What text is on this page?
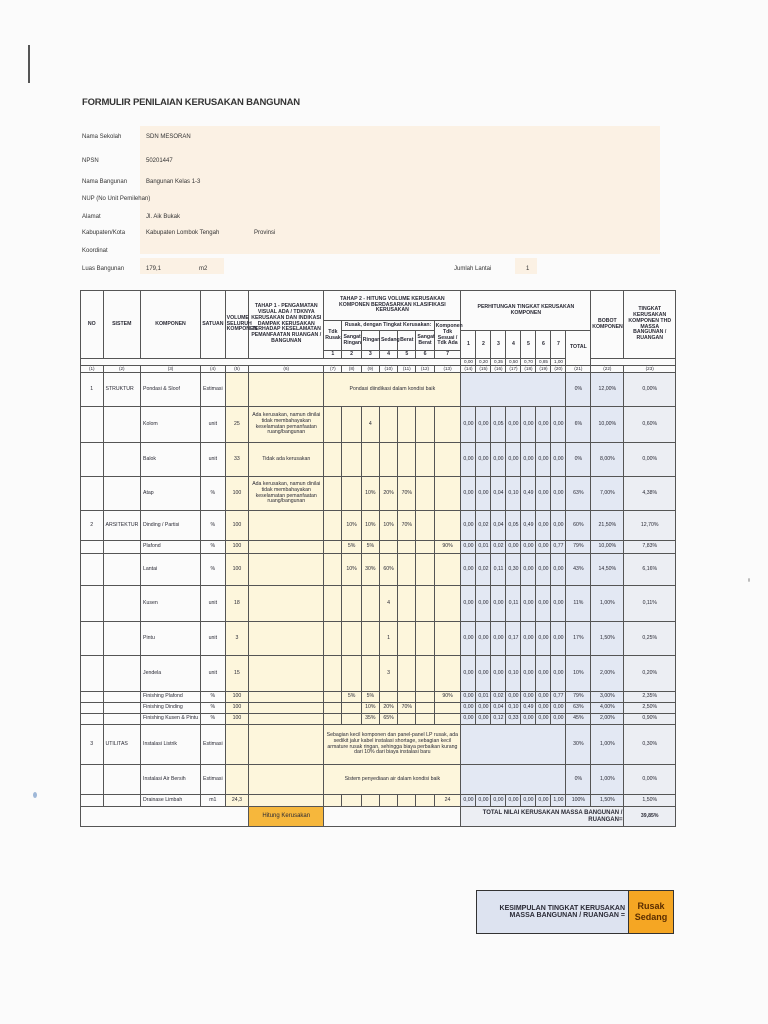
FORMULIR PENILAIAN KERUSAKAN BANGUNAN
Nama Sekolah	SDN MESORAN
NPSN	50201447
Nama Bangunan	Bangunan Kelas 1-3
NUP (No Unit Pemilehan)
Alamat	Jl. Aik Bukak
Kabupaten/Kota	Kabupaten Lombok Tengah	Provinsi
Koordinat
Luas Bangunan	179,1	m2	Jumlah Lantai	1
NO	SISTEM	KOMPONEN	SATUAN	VOLUME SELURUH KOMPONEN	TAHAP 1 - PENGAMATAN VISUAL ADA / TDKNYA KERUSAKAN DAN INDIKASI DAMPAK KERUSAKAN TERHADAP KESELAMATAN PEMANFAATAN RUANGAN / BANGUNAN	TAHAP 2 - HITUNG VOLUME KERUSAKAN KOMPONEN BERDASARKAN KLASIFIKASI KERUSAKAN							PERHITUNGAN TINGKAT KERUSAKAN KOMPONEN								BOBOT KOMPONEN	TINGKAT KERUSAKAN KOMPONEN THD MASSA BANGUNAN / RUANGAN
						Tdk Rusak	Rusak, dengan Tingkat Kerusakan:					Komponen Tdk Sesuai / Tdk Ada										
							Sangat Ringan	Ringan	Sedang	Berat	Sangat Berat		1	2	3	4	5	6	7	TOTAL		
						1	2	3	4	5	6	7										
													0,00	0,20	0,35	0,50	0,70	0,85	1,00			
(1)	(2)	(3)	(4)	(5)	(6)	(7)	(8)	(9)	(10)	(11)	(12)	(13)	(14)	(15)	(16)	(17)	(18)	(19)	(20)	(21)	(22)	(23)
1	STRUKTUR	Pondasi & Sloof	Estimasi			Pondasi diindikasi dalam kondisi baik														0%	12,00%	0,00%
		Kolom	unit	25	Ada kerusakan, namun dinilai tidak membahayakan keselamatan pemanfaatan ruang/bangunan			4					0,00	0,00	0,05	0,00	0,00	0,00	0,00	6%	10,00%	0,60%
		Balok	unit	33	Tidak ada kerusakan								0,00	0,00	0,00	0,00	0,00	0,00	0,00	0%	8,00%	0,00%
		Atap	%	100	Ada kerusakan, namun dinilai tidak membahayakan keselamatan pemanfaatan ruang/bangunan			10%	20%	70%			0,00	0,00	0,04	0,10	0,49	0,00	0,00	63%	7,00%	4,38%
2	ARSITEKTUR	Dinding / Partisi	%	100			10%	10%	10%	70%			0,00	0,02	0,04	0,05	0,49	0,00	0,00	60%	21,50%	12,70%
		Plafond	%	100			5%	5%				90%	0,00	0,01	0,02	0,00	0,00	0,00	0,77	79%	10,00%	7,83%
		Lantai	%	100			10%	30%	60%				0,00	0,02	0,11	0,30	0,00	0,00	0,00	43%	14,50%	6,16%
		Kusen	unit	18					4				0,00	0,00	0,00	0,11	0,00	0,00	0,00	11%	1,00%	0,11%
		Pintu	unit	3					1				0,00	0,00	0,00	0,17	0,00	0,00	0,00	17%	1,50%	0,25%
		Jendela	unit	15					3				0,00	0,00	0,00	0,10	0,00	0,00	0,00	10%	2,00%	0,20%
		Finishing Plafond	%	100			5%	5%				90%	0,00	0,01	0,02	0,00	0,00	0,00	0,77	79%	3,00%	2,35%
		Finishing Dinding	%	100				10%	20%	70%			0,00	0,00	0,04	0,10	0,49	0,00	0,00	63%	4,00%	2,50%
		Finishing Kusen & Pintu	%	100				35%	65%				0,00	0,00	0,12	0,33	0,00	0,00	0,00	45%	2,00%	0,90%
3	UTILITAS	Instalasi Listrik	Estimasi			Sebagian kecil komponen dan panel-panel LP rusak, ada sedikit jalur kabel instalasi shortage, sebagian kecil armature rusak ringan, sehingga biaya perbaikan kurang dari 10% dari biaya instalasi baru														30%	1,00%	0,30%
		Instalasi Air Bersih	Estimasi			Sistem penyediaan air dalam kondisi baik														0%	1,00%	0,00%
		Drainase Limbah	m1	24,3								24	0,00	0,00	0,00	0,00	0,00	0,00	1,00	100%	1,50%	1,50%
					Hitung Kerusakan								TOTAL NILAI KERUSAKAN MASSA BANGUNAN / RUANGAN=									39,85%
KESIMPULAN TINGKAT KERUSAKAN
MASSA BANGUNAN / RUANGAN =
Rusak
Sedang
